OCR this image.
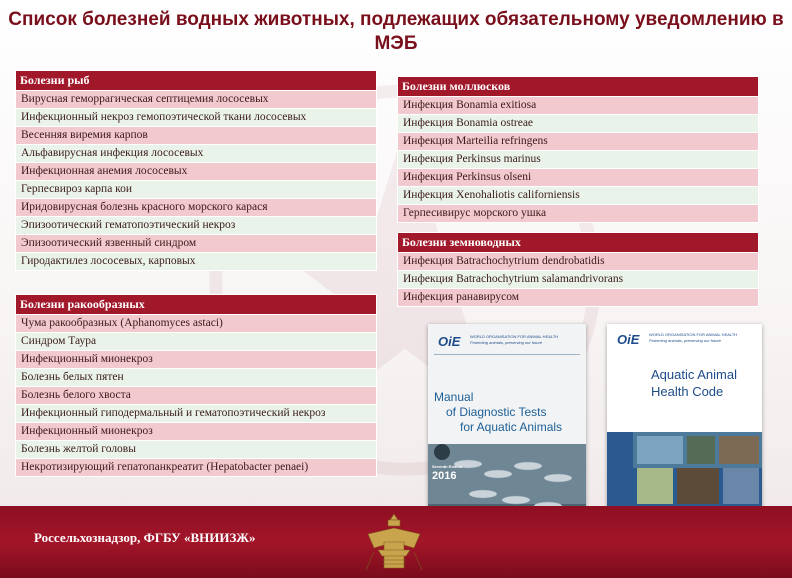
Список болезней водных животных, подлежащих обязательному уведомлению в МЭБ
Болезни рыб
Вирусная геморрагическая септицемия лососевых
Инфекционный некроз гемопоэтической ткани лососевых
Весенняя виремия карпов
Альфавирусная инфекция лососевых
Инфекционная анемия лососевых
Герпесвироз карпа кои
Иридовирусная болезнь красного морского карася
Эпизоотический гематопоэтический некроз
Эпизоотический язвенный синдром
Гиродактилез лососевых, карповых
Болезни ракообразных
Чума ракообразных (Aphanomyces astaci)
Синдром Таура
Инфекционный мионекроз
Болезнь белых пятен
Болезнь белого хвоста
Инфекционный гиподермальный и гематопоэтический некроз
Инфекционный мионекроз
Болезнь желтой головы
Некротизирующий гепатопанкреатит (Hepatobacter penaei)
Болезни моллюсков
Инфекция Bonamia exitiosa
Инфекция Bonamia ostreae
Инфекция Marteilia refringens
Инфекция Perkinsus marinus
Инфекция Perkinsus olseni
Инфекция Xenohaliotis californiensis
Герпесивирус морского ушка
Болезни земноводных
Инфекция Batrachochytrium dendrobatidis
Инфекция Batrachochytrium salamandrivorans
Инфекция ранавирусом
OiE WORLD ORGANISATION FOR ANIMAL HEALTH
Protecting animals, preserving our future
Manual
of Diagnostic Tests
for Aquatic Animals
Seventh Edition
2016
OiE WORLD ORGANISATION FOR ANIMAL HEALTH
Protecting animals, preserving our future
Aquatic Animal
Health Code
Россельхознадзор, ФГБУ «ВНИИЗЖ»
